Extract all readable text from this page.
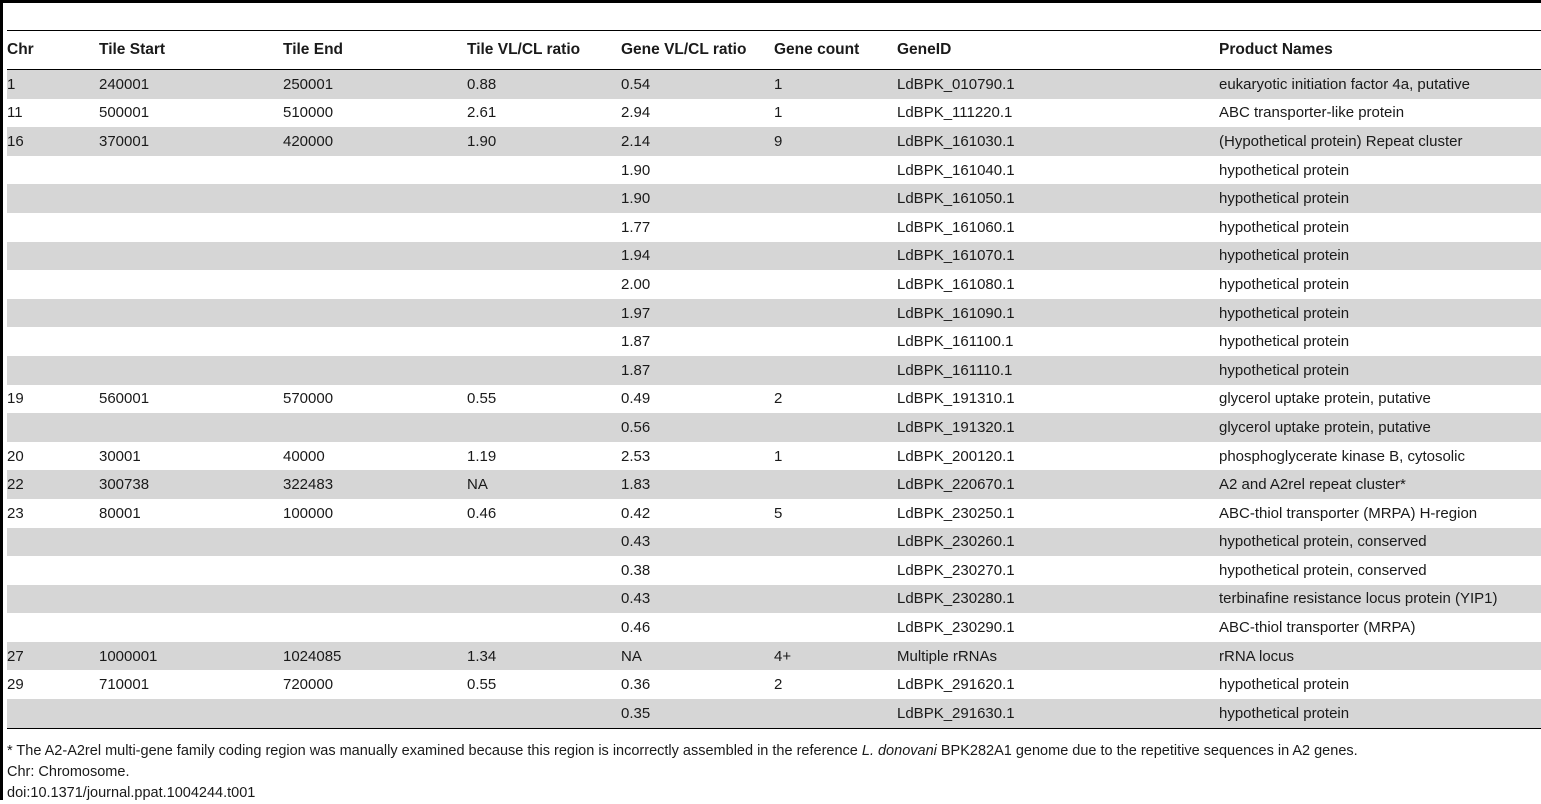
Chr	Tile Start	Tile End	Tile VL/CL ratio	Gene VL/CL ratio	Gene count	GeneID	Product Names
1	240001	250001	0.88	0.54	1	LdBPK_010790.1	eukaryotic initiation factor 4a, putative
11	500001	510000	2.61	2.94	1	LdBPK_111220.1	ABC transporter-like protein
16	370001	420000	1.90	2.14	9	LdBPK_161030.1	(Hypothetical protein) Repeat cluster
				1.90		LdBPK_161040.1	hypothetical protein
				1.90		LdBPK_161050.1	hypothetical protein
				1.77		LdBPK_161060.1	hypothetical protein
				1.94		LdBPK_161070.1	hypothetical protein
				2.00		LdBPK_161080.1	hypothetical protein
				1.97		LdBPK_161090.1	hypothetical protein
				1.87		LdBPK_161100.1	hypothetical protein
				1.87		LdBPK_161110.1	hypothetical protein
19	560001	570000	0.55	0.49	2	LdBPK_191310.1	glycerol uptake protein, putative
				0.56		LdBPK_191320.1	glycerol uptake protein, putative
20	30001	40000	1.19	2.53	1	LdBPK_200120.1	phosphoglycerate kinase B, cytosolic
22	300738	322483	NA	1.83		LdBPK_220670.1	A2 and A2rel repeat cluster*
23	80001	100000	0.46	0.42	5	LdBPK_230250.1	ABC-thiol transporter (MRPA) H-region
				0.43		LdBPK_230260.1	hypothetical protein, conserved
				0.38		LdBPK_230270.1	hypothetical protein, conserved
				0.43		LdBPK_230280.1	terbinafine resistance locus protein (YIP1)
				0.46		LdBPK_230290.1	ABC-thiol transporter (MRPA)
27	1000001	1024085	1.34	NA	4+	Multiple rRNAs	rRNA locus
29	710001	720000	0.55	0.36	2	LdBPK_291620.1	hypothetical protein
				0.35		LdBPK_291630.1	hypothetical protein

* The A2-A2rel multi-gene family coding region was manually examined because this region is incorrectly assembled in the reference L. donovani BPK282A1 genome due to the repetitive sequences in A2 genes.

Chr: Chromosome.

doi:10.1371/journal.ppat.1004244.t001
